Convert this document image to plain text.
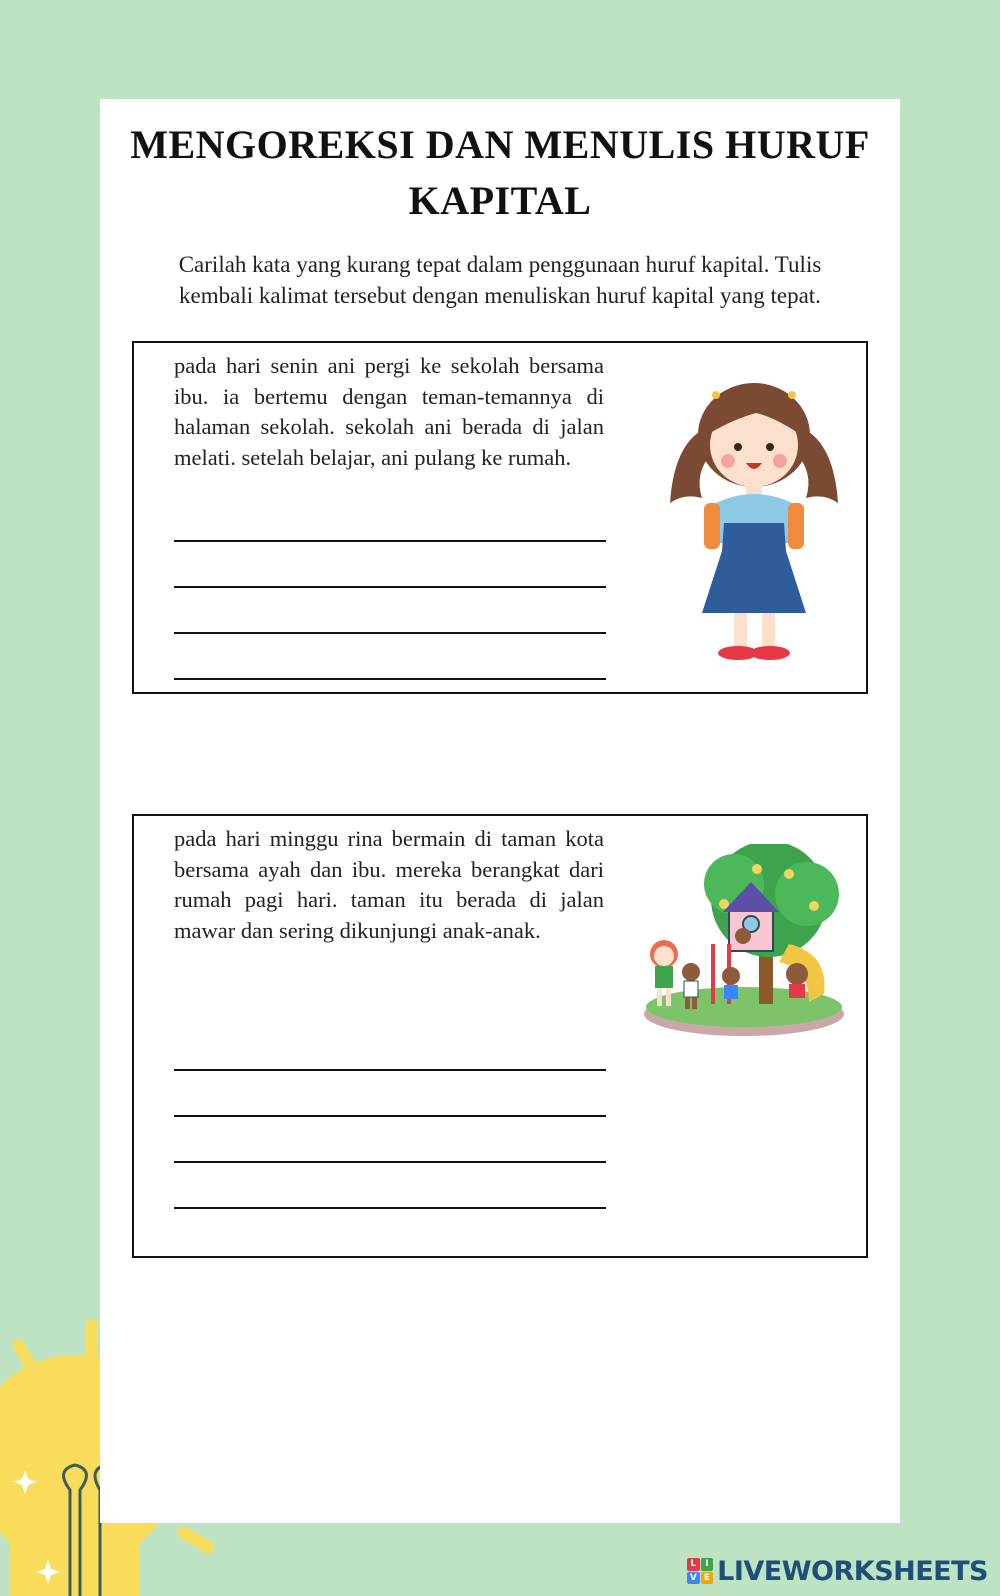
MENGOREKSI DAN MENULIS HURUF
KAPITAL
Carilah kata yang kurang tepat dalam penggunaan huruf kapital. Tulis
kembali kalimat tersebut dengan menuliskan huruf kapital yang tepat.
pada hari senin ani pergi ke sekolah bersama ibu. ia bertemu dengan teman-temannya di halaman sekolah. sekolah ani berada di jalan melati. setelah belajar, ani pulang ke rumah.
pada hari minggu rina bermain di taman kota bersama ayah dan ibu. mereka berangkat dari rumah pagi hari. taman itu berada di jalan mawar dan sering dikunjungi anak-anak.
L I
V E LIVEWORKSHEETS
